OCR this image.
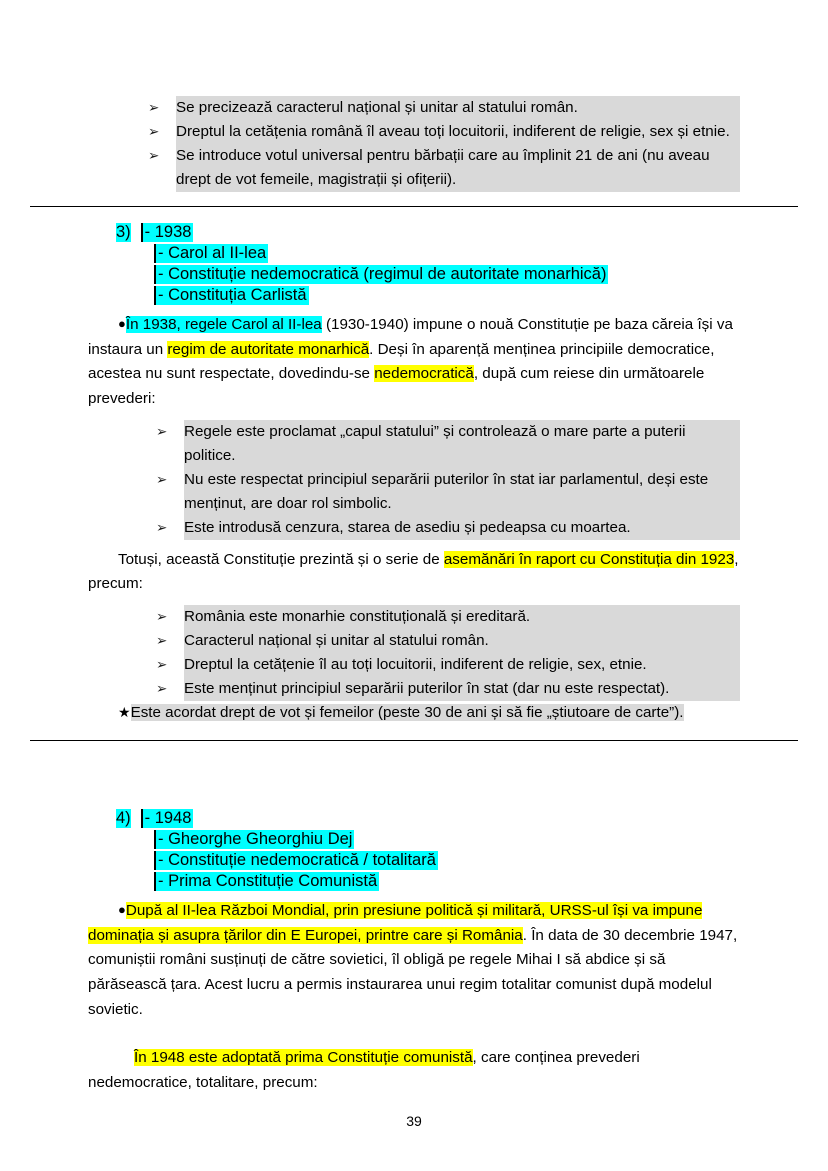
➢	Se precizează caracterul național și unitar al statului român.
➢	Dreptul la cetățenia română îl aveau toți locuitorii, indiferent de religie, sex și etnie.
➢	Se introduce votul universal pentru bărbații care au împlinit 21 de ani (nu aveau drept de vot femeile, magistrații și ofițerii).
3) - 1938
- Carol al II-lea
- Constituție nedemocratică (regimul de autoritate monarhică)
- Constituția Carlistă

●În 1938, regele Carol al II-lea (1930-1940) impune o nouă Constituție pe baza căreia își va instaura un regim de autoritate monarhică. Deși în aparență menținea principiile democratice, acestea nu sunt respectate, dovedindu-se nedemocratică, după cum reiese din următoarele prevederi:

➢	Regele este proclamat „capul statului” și controlează o mare parte a puterii politice.
➢	Nu este respectat principiul separării puterilor în stat iar parlamentul, deși este menținut, are doar rol simbolic.
➢	Este introdusă cenzura, starea de asediu și pedeapsa cu moartea.

Totuși, această Constituție prezintă și o serie de asemănări în raport cu Constituția din 1923, precum:

➢	România este monarhie constituțională și ereditară.
➢	Caracterul național și unitar al statului român.
➢	Dreptul la cetățenie îl au toți locuitorii, indiferent de religie, sex, etnie.
➢	Este menținut principiul separării puterilor în stat (dar nu este respectat).

★Este acordat drept de vot și femeilor (peste 30 de ani și să fie „știutoare de carte”).

4) - 1948
- Gheorghe Gheorghiu Dej
- Constituție nedemocratică / totalitară
- Prima Constituție Comunistă

●După al II-lea Război Mondial, prin presiune politică și militară, URSS-ul își va impune dominația și asupra țărilor din E Europei, printre care și România. În data de 30 decembrie 1947, comuniștii români susținuți de către sovietici, îl obligă pe regele Mihai I să abdice și să părăsească țara. Acest lucru a permis instaurarea unui regim totalitar comunist după modelul sovietic.

În 1948 este adoptată prima Constituție comunistă, care conținea prevederi nedemocratice, totalitare, precum:

39
